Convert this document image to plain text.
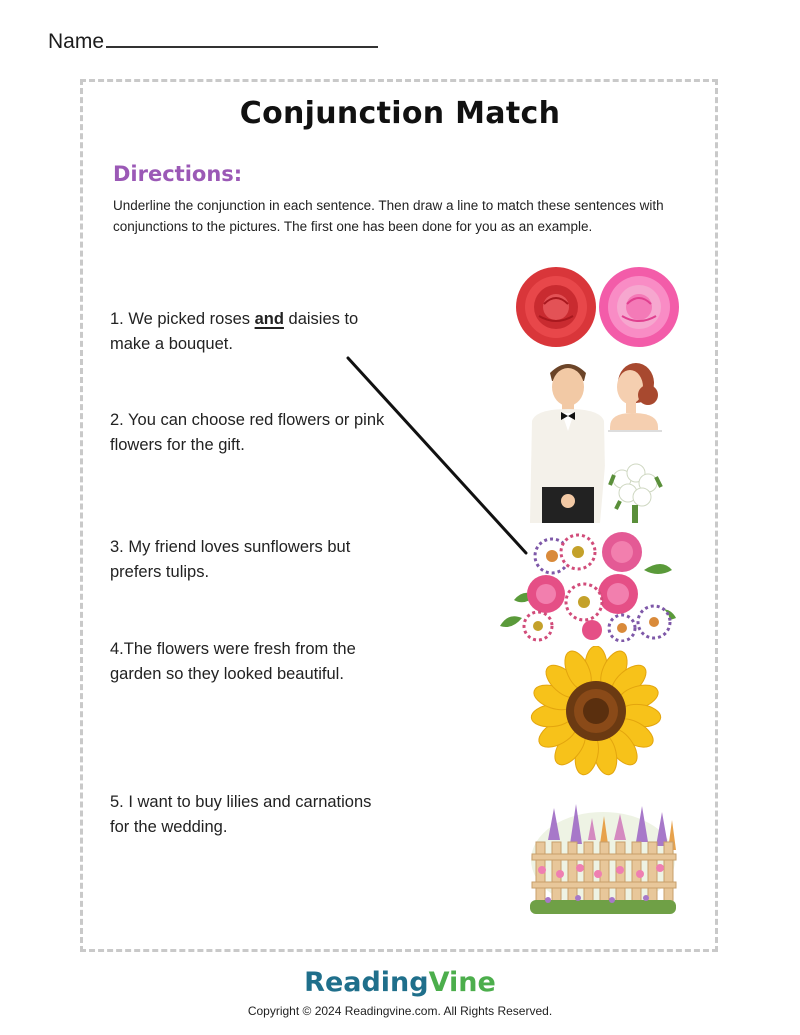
Name
Conjunction Match
Directions:
Underline the conjunction in each sentence. Then draw a line to match these sentences with conjunctions to the pictures. The first one has been done for you as an example.
1. We picked roses and daisies to make a bouquet.
2. You can choose red flowers or pink flowers for the gift.
3. My friend loves sunflowers but prefers tulips.
4.The flowers were fresh from the garden so they looked beautiful.
5. I want to buy lilies and carnations for the wedding.
ReadingVine
Copyright © 2024 Readingvine.com. All Rights Reserved.
